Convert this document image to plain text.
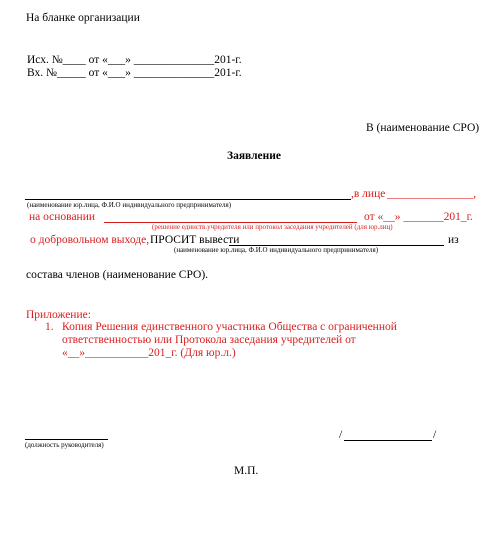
На бланке организации
Исх. №____ от «___» ______________201-г.
Вх. №_____ от «___» ______________201-г.
В (наименование СРО)
Заявление
,в лице _______________,
(наименование юр.лица, Ф.И.О индивидуального предпринимателя)
на основании	от «__» _______201_г.
(решение единств.учредителя или протокол заседания учредителей (для юр.лиц)
о добровольном выходе, ПРОСИТ вывести	из
(наименование юр.лица, Ф.И.О индивидуального предпринимателя)
состава членов (наименование СРО).
Приложение:
1. Копия Решения единственного участника Общества с ограниченной
ответственностью или Протокола заседания учредителей от
«__»___________201_г. (Для юр.л.)
(должность руководителя)
/	/
М.П.
